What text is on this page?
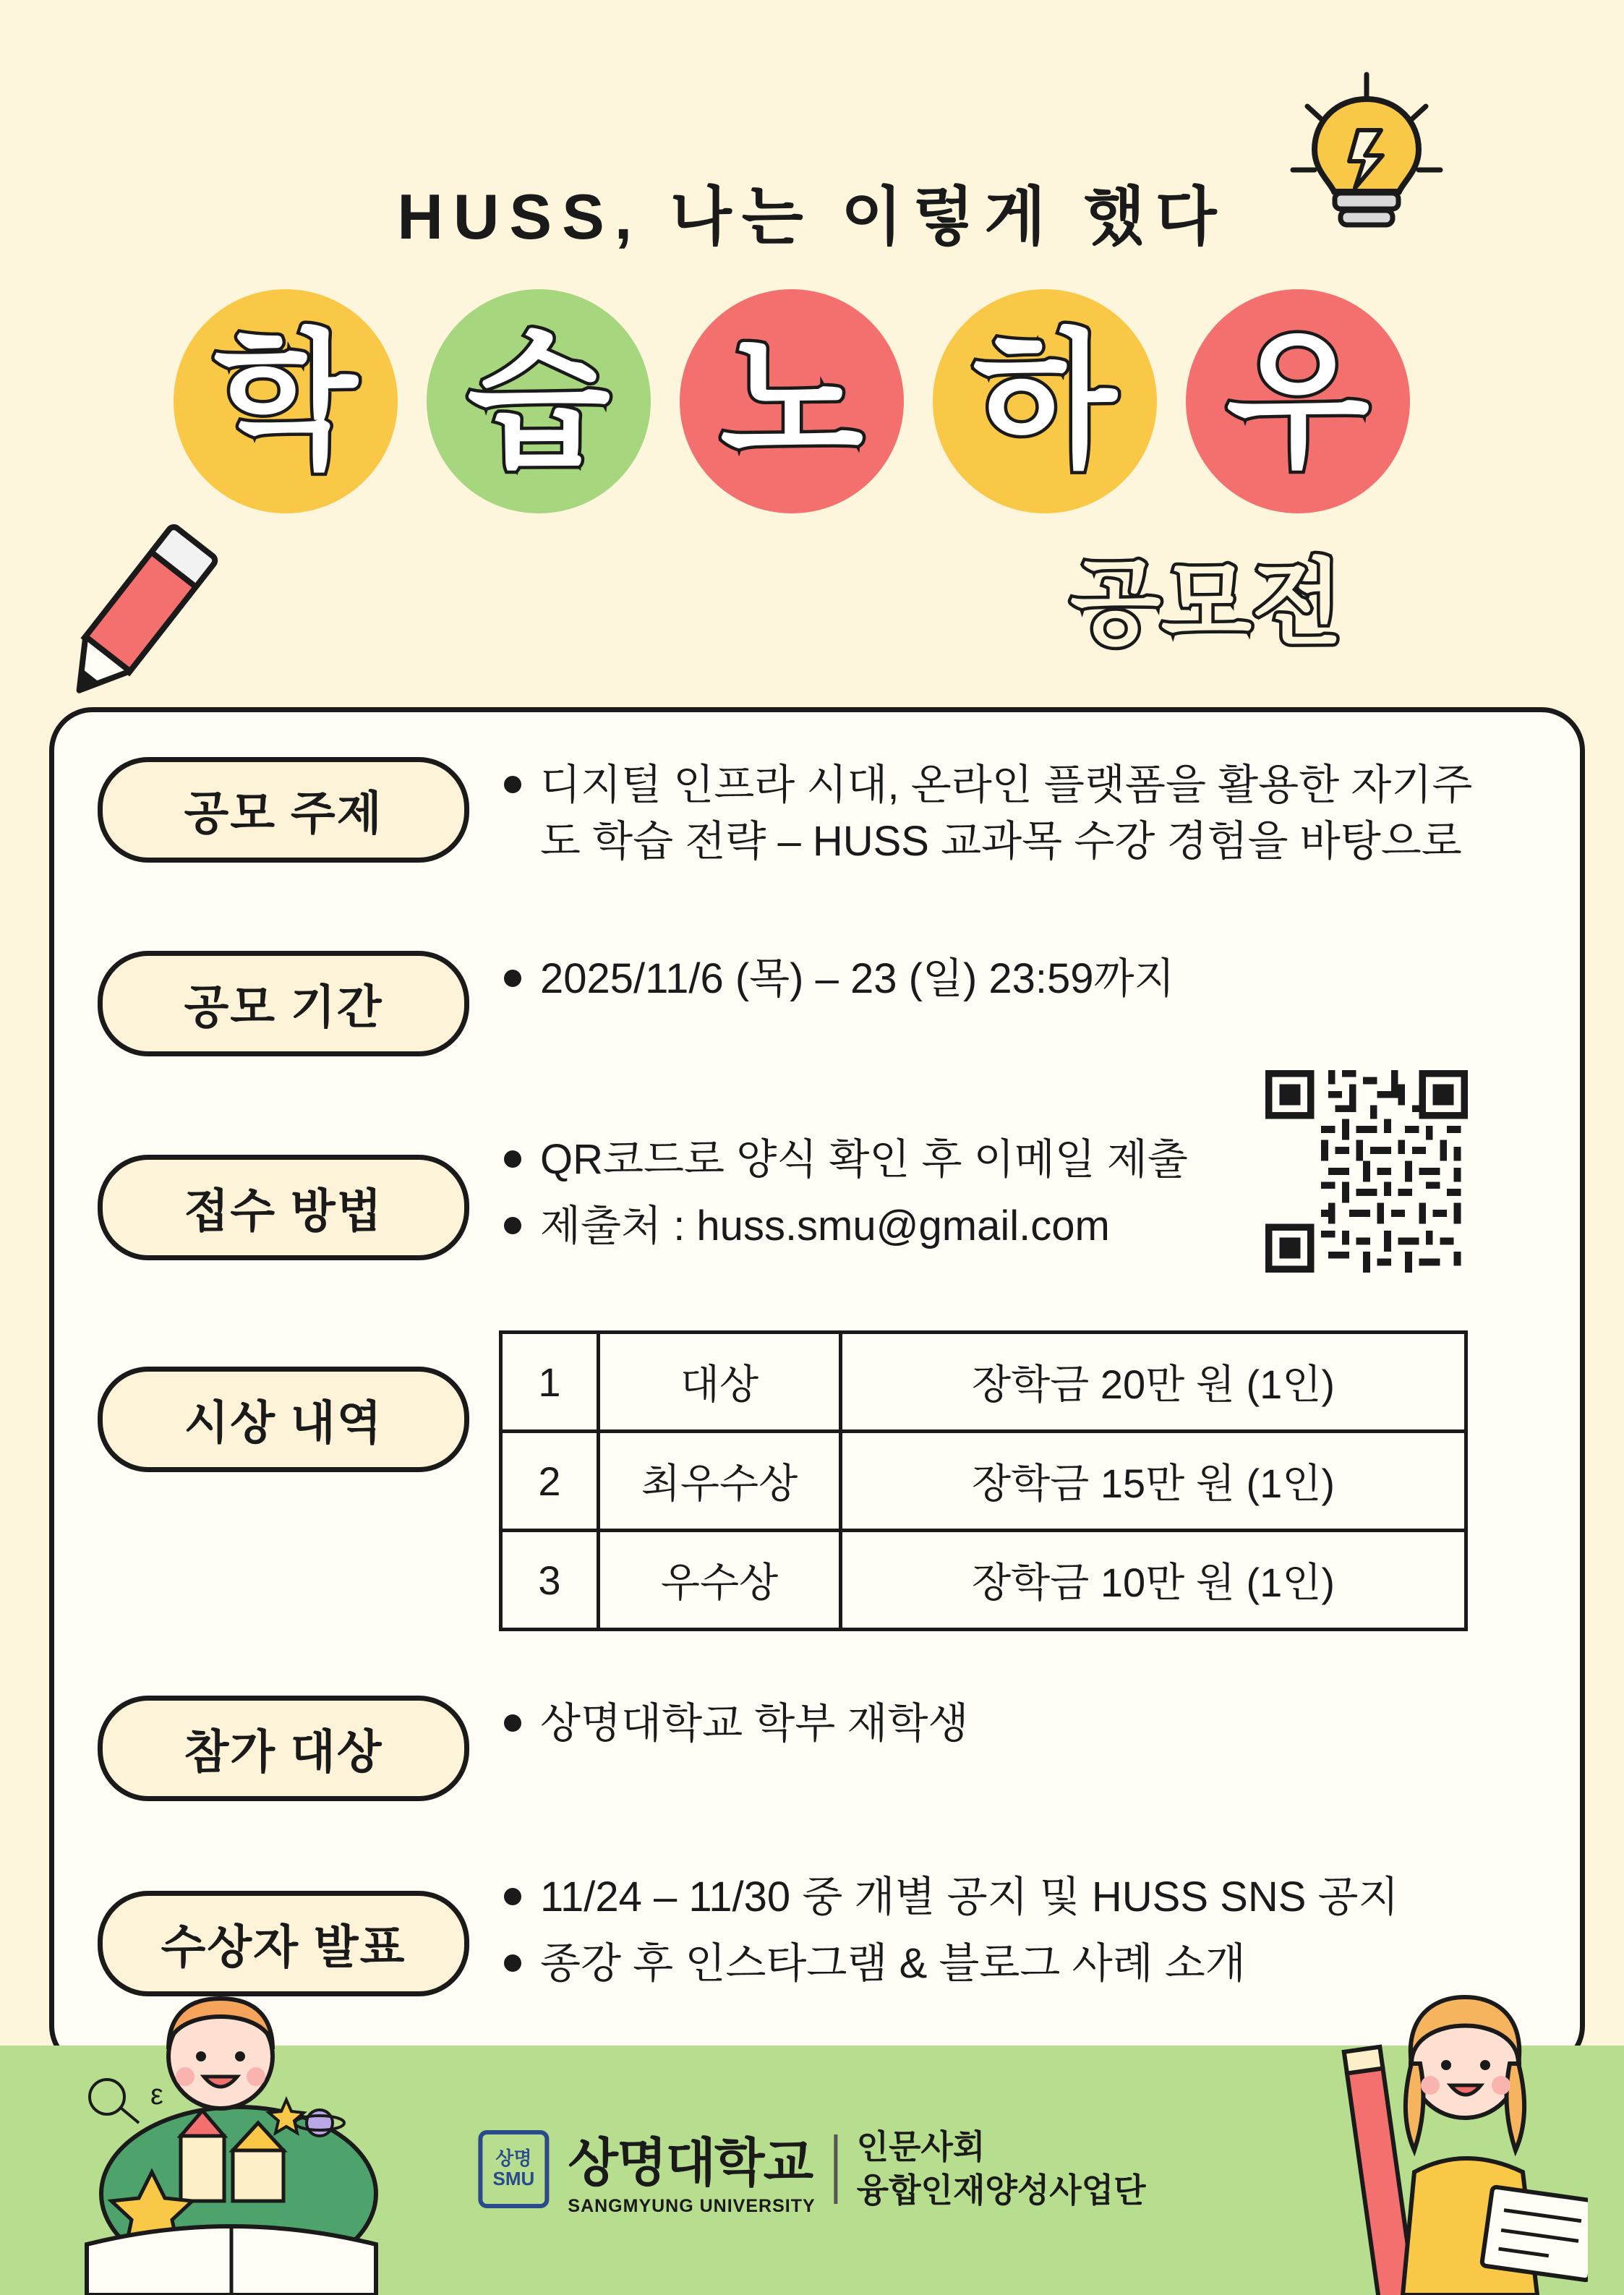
HUSS, 나는 이렇게 했다
학 습 노 하 우
공모전
공모 주제
디지털 인프라 시대, 온라인 플랫폼을 활용한 자기주도 학습 전략 – HUSS 교과목 수강 경험을 바탕으로
공모 기간
2025/11/6 (목) – 23 (일) 23:59까지
접수 방법
QR코드로 양식 확인 후 이메일 제출
제출처 : huss.smu@gmail.com
시상 내역
참가 대상
상명대학교 학부 재학생
수상자 발표
11/24 – 11/30 중 개별 공지 및 HUSS SNS 공지
종강 후 인스타그램 & 블로그 사례 소개
1	대상	장학금 20만 원 (1인)
2	최우수상	장학금 15만 원 (1인)
3	우수상	장학금 10만 원 (1인)
ε
상명
SMU 상명대학교
SANGMYUNG UNIVERSITY
인문사회
융합인재양성사업단
